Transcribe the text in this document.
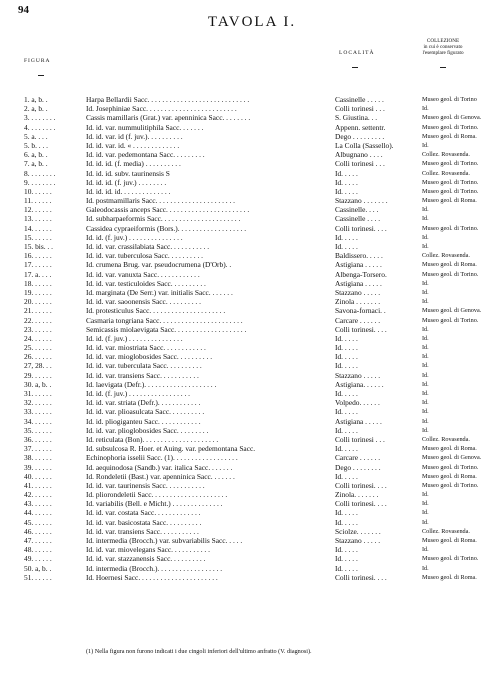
94
TAVOLA I.
FIGURA
LOCALITÀ
COLLEZIONE
in cui è conservato
l'esemplare figurato
1. a, b. .	Harpa Bellardii Sacc. . . . . . . . . . . . . . . . . . . . . . . . . . . .	Cassinelle . . . . .	Museo geol. di Torino
2. a, b. .	Id. Josephiniae Sacc. . . . . . . . . . . . . . . . . . . . . . . . .	Colli torinesi . . .	Id.
3. . . . . . . .	Cassis mamillaris (Grat.) var. apenninica Sacc. . . . . . . .	S. Giustina. . .	Museo geol. di Genova.
4. . . . . . . .	Id. id. var. nummulitiphila Sacc. . . . . . .	Appenn. settentr.	Museo geol. di Torino.
5. a. . . .	Id. id. var. id (f. juv.). . . . . . . . . .	Dego . . . . . . . . .	Museo geol. di Roma.
5. b. . . .	Id. id. var. id. « . . . . . . . . . . . . .	La Colla (Sassello).	Id.
6. a, b. .	Id. id. var. pedemontana Sacc. . . . . . . . .	Albugnano . . . .	Collez. Rovasenda.
7. a, b. .	Id. id. id. (f. media) . . . . . . . . . .	Colli torinesi . . .	Museo geol. di Torino.
8. . . . . . . .	Id. id. id. subv. taurinensis S	Id. . . . .	Collez. Rovasenda.
9. . . . . . . .	Id. id. id. (f. juv.) . . . . . . . .	Id. . . . .	Museo geol. di Torino.
10. . . . . .	Id. id. id. id. . . . . . . . . . . . . .	Id. . . . .	Museo geol. di Torino.
11. . . . . .	Id. postmamillaris Sacc. . . . . . . . . . . . . . . . . . . . . .	Stazzano . . . . . . .	Museo geol. di Roma.
12. . . . . .	Galeodocassis anceps Sacc. . . . . . . . . . . . . . . . . . . . . . .	Cassinelle. . . .	Id.
13. . . . . .	Id. subharpaeformis Sacc. . . . . . . . . . . . . . . . . . . . . .	Cassinelle . . . .	Id.
14. . . . . .	Cassidea cypraeiformis (Bors.). . . . . . . . . . . . . . . . . . .	Colli torinesi. . . .	Museo geol. di Torino.
15. . . . . .	Id. id. (f. juv.) . . . . . . . . . . . . . . .	Id. . . . .	Id.
15. bis. . .	Id. id. var. crassilabiata Sacc. . . . . . . . . . .	Id. . . . .	Id.
16. . . . . .	Id. id. var. tuberculosa Sacc. . . . . . . . . .	Baldissero. . . . .	Collez. Rovasenda.
17. . . . . .	Id. crumena Brug. var. pseudocrumena (D'Orb). .	Astigiana . . . . .	Museo geol. di Roma.
17. a. . . .	Id. id. var. vanuxta Sacc. . . . . . . . . . . .	Albenga-Torsero.	Museo geol. di Torino.
18. . . . . .	Id. id. var. testiculoides Sacc. . . . . . . . . .	Astigiana . . . . .	Id.
19. . . . . .	Id. marginata (De Serr.) var. initialis Sacc. . . . . . .	Stazzano . . . . .	Id.
20. . . . . .	Id. id. var. saoonensis Sacc. . . . . . . . . .	Zinola . . . . . . .	Id.
21. . . . . .	Id. protesticulus Sacc. . . . . . . . . . . . . . . . . . . . .	Savona-fornaci. .	Museo geol. di Genova.
22. . . . . .	Casmaria tongriana Sacc. . . . . . . . . . . . . . . . . . . . . . .	Carcare . . . . . .	Museo geol. di Torino.
23. . . . . .	Semicassis miolaevigata Sacc. . . . . . . . . . . . . . . . . . . .	Colli torinesi. . . .	Id.
24. . . . . .	Id. id. (f. juv.) . . . . . . . . . . . . . . .	Id. . . . .	Id.
25. . . . . .	Id. id. var. miostriata Sacc. . . . . . . . . . . .	Id. . . . .	Id.
26. . . . . .	Id. id. var. mioglobosides Sacc. . . . . . . . . .	Id. . . . .	Id.
27, 28. . .	Id. id. var. tuberculata Sacc. . . . . . . . . .	Id. . . . .	Id.
29. . . . . .	Id. id. var. transiens Sacc. . . . . . . . . . .	Stazzano . . . . .	Id.
30. a, b. .	Id. laevigata (Defr.). . . . . . . . . . . . . . . . . . . .	Astigiana. . . . . .	Id.
31. . . . . .	Id. id. (f. juv.) . . . . . . . . . . . . . . . . .	Id. . . . .	Id.
32. . . . . .	Id. id. var. striata (Defr.). . . . . . . . . . . .	Volpedo. . . . . .	Id.
33. . . . . .	Id. id. var. plioasulcata Sacc. . . . . . . . . .	Id. . . . .	Id.
34. . . . . .	Id. id. pliogiganteu Sacc. . . . . . . . . . . .	Astigiana . . . . .	Id.
35. . . . . .	Id. id. var. plioglobosides Sacc. . . . . . . . .	Id. . . . .	Id.
36. . . . . .	Id. reticulata (Bon). . . . . . . . . . . . . . . . . . . . .	Colli torinesi . . .	Collez. Rovasenda.
37. . . . . .	Id. subsulcosa R. Hoer. et Auing. var. pedemontana Sacc.	Id. . . . .	Museo geol. di Roma.
38. . . . . .	Echinophoria isselii Sacc. (1). . . . . . . . . . . . . . . . . .	Carcare . . . . . .	Museo geol. di Genova.
39. . . . . .	Id. aequinodosa (Sandb.) var. italica Sacc. . . . . . .	Dego . . . . . . . .	Museo geol. di Torino.
40. . . . . .	Id. Rondeletii (Bast.) var. apenninica Sacc. . . . . . .	Id. . . . .	Museo geol. di Roma.
41. . . . . .	Id. id. var. taurinensis Sacc. . . . . . . . . . .	Colli torinesi. . . .	Museo geol. di Torino.
42. . . . . .	Id. pliorondeletii Sacc. . . . . . . . . . . . . . . . . . . . .	Zinola. . . . . . .	Id.
43. . . . . .	Id. variabilis (Bell. e Micht.) . . . . . . . . . . . . . .	Colli torinesi. . . .	Id.
44. . . . . .	Id. id. var. costata Sacc. . . . . . . . . . . . .	Id. . . . .	Id.
45. . . . . .	Id. id. var. basicostata Sacc. . . . . . . . . .	Id. . . . .	Id.
46. . . . . .	Id. id. var. transiens Sacc. . . . . . . . . . .	Sciolze. . . . . . .	Collez. Rovasenda.
47. . . . . .	Id. intermedia (Brocch.) var. subvariabilis Sacc. . . . .	Stazzano . . . . .	Museo geol. di Roma.
48. . . . . .	Id. id. var. miovelegans Sacc. . . . . . . . . . .	Id. . . . .	Id.
49. . . . . .	Id. id. var. stazzanensis Sacc. . . . . . . . . .	Id. . . . .	Museo geol. di Torino.
50. a, b. .	Id. intermedia (Brocch.). . . . . . . . . . . . . . . . . .	Id. . . . .	Id.
51. . . . . .	Id. Hoernesi Sacc. . . . . . . . . . . . . . . . . . . . . .	Colli torinesi. . . .	Museo geol. di Roma.
(1) Nella figura non furono indicati i due cingoli inferiori dell'ultimo anfratto (V. diagnosi).
